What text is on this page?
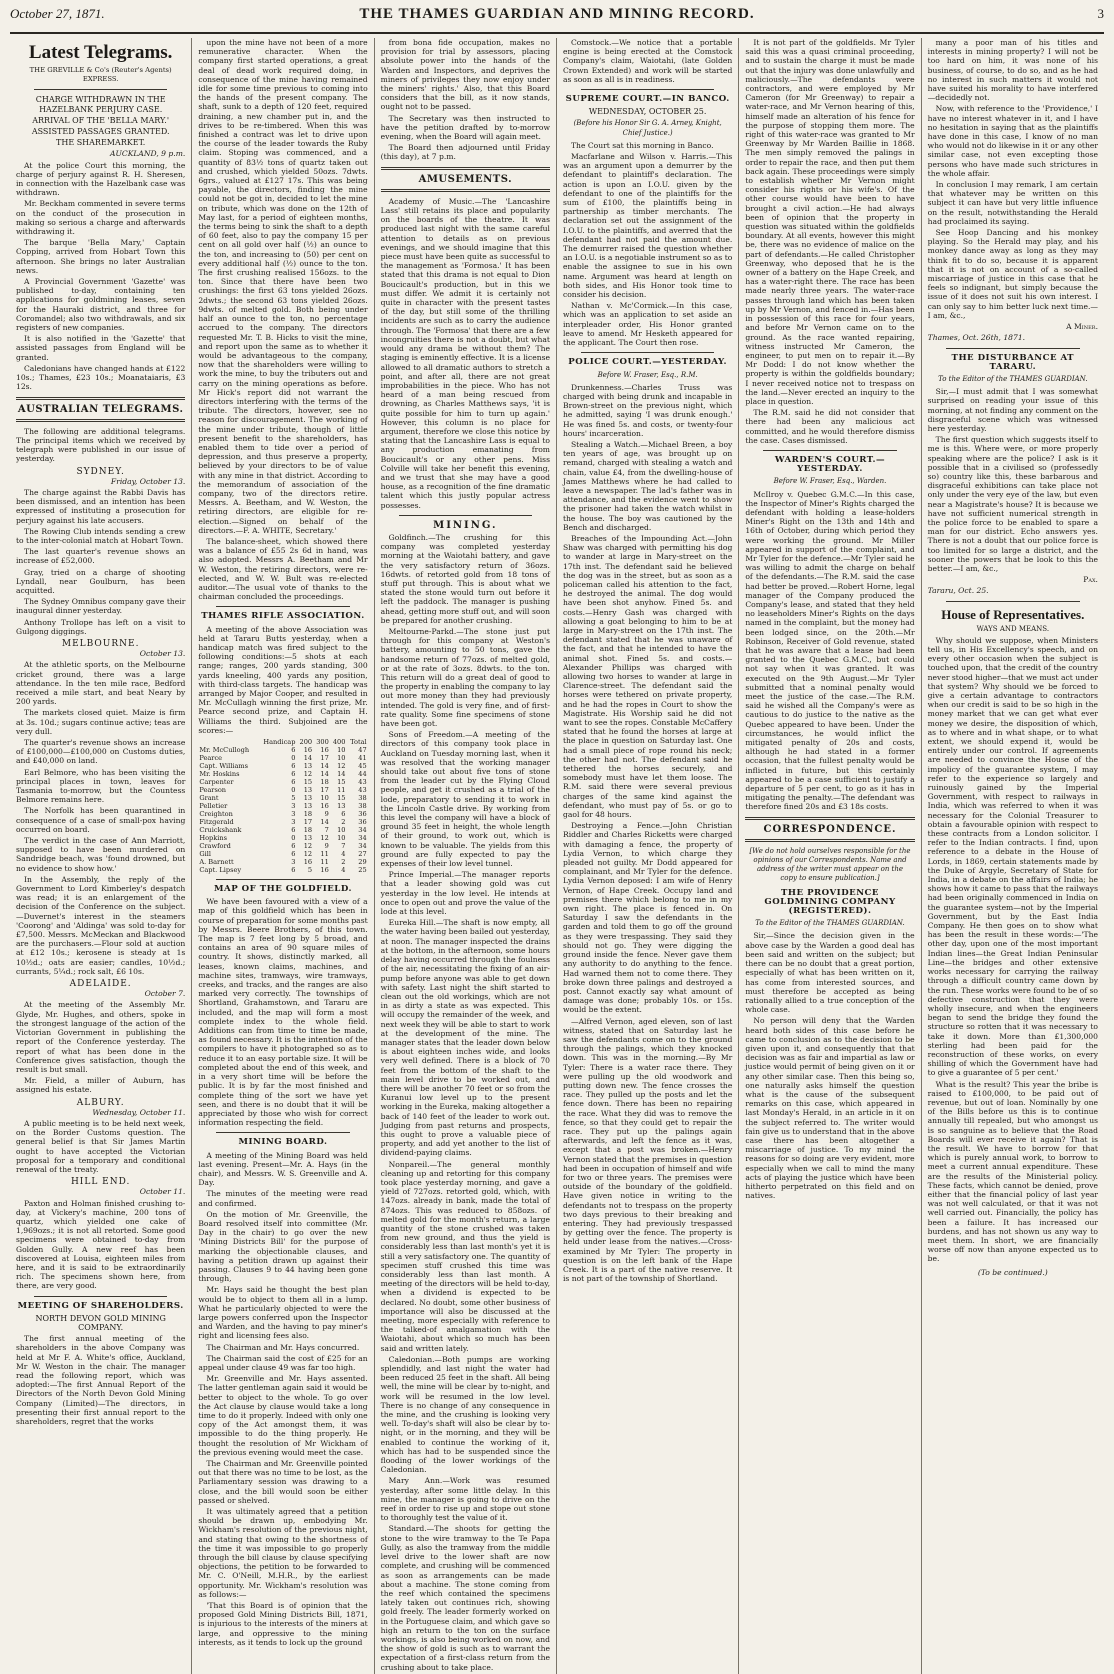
October 27, 1871.	THE THAMES GUARDIAN AND MINING RECORD.	3
Latest Telegrams.
THE GREVILLE & Co's (Reuter's Agents) EXPRESS.
CHARGE WITHDRAWN IN THE HAZELBANK PERJURY CASE.
ARRIVAL OF THE 'BELLA MARY.'
ASSISTED PASSAGES GRANTED.
THE SHAREMARKET.
AUCKLAND, 9 p.m.

At the police Court this morning, the charge of perjury against R. H. Sheresen, in connection with the Hazelbank case was withdrawn.

Mr. Beckham commented in severe terms on the conduct of the prosecution in making so serious a charge and afterwards withdrawing it.

The barque 'Bella Mary,' Captain Copping, arrived from Hobart Town this afternoon. She brings no later Australian news.

A Provincial Government 'Gazette' was published to-day, containing ten applications for goldmining leases, seven for the Hauraki district, and three for Coromandel; also two withdrawals, and six registers of new companies.

It is also notified in the 'Gazette' that assisted passages from England will be granted.

Caledonians have changed hands at £122 10s.; Thames, £23 10s.; Moanataiaris, £3 12s.

AUSTRALIAN TELEGRAMS.

The following are additional telegrams. The principal items which we received by telegraph were published in our issue of yesterday.

SYDNEY.
Friday, October 13.

The charge against the Rabbi Davis has been dismissed, and an intention has been expressed of instituting a prosecution for perjury against his late accusers.

The Rowing Club intends sending a crew to the inter-colonial match at Hobart Town.

The last quarter's revenue shows an increase of £52,000.

Gray, tried on a charge of shooting Lyndall, near Goulburn, has been acquitted.

The Sydney Omnibus company gave their inaugural dinner yesterday.

Anthony Trollope has left on a visit to Gulgong diggings.

MELBOURNE.
October 13.

At the athletic sports, on the Melbourne cricket ground, there was a large attendance. In the ten mile race, Bedford received a mile start, and beat Neary by 200 yards.

The markets closed quiet. Maize is firm at 3s. 10d.; sugars continue active; teas are very dull.

The quarter's revenue shows an increase of £100,000—£100,000 on Customs duties, and £40,000 on land.

Earl Belmore, who has been visiting the principal places in town, leaves for Tasmania to-morrow, but the Countess Belmore remains here.

The Norfolk has been quarantined in consequence of a case of small-pox having occurred on board.

The verdict in the case of Ann Marriott, supposed to have been murdered on Sandridge beach, was 'found drowned, but no evidence to show how.'

In the Assembly, the reply of the Government to Lord Kimberley's despatch was read; it is an enlargement of the decision of the Conference on the subject.—Duvernet's interest in the steamers 'Coorong' and 'Aldinga' was sold to-day for £7,500. Messrs. McMeckan and Blackwood are the purchasers.—Flour sold at auction at £12 10s.; kerosene is steady at 1s 10½d.; oats are easier; candles, 10½d.; currants, 5¼d.; rock salt, £6 10s.

ADELAIDE.
October 7.

At the meeting of the Assembly Mr. Glyde, Mr. Hughes, and others, spoke in the strongest language of the action of the Victorian Government in publishing the report of the Conference yesterday. The report of what has been done in the Conference gives satisfaction, though the result is but small.

Mr. Field, a miller of Auburn, has assigned his estate.

ALBURY.
Wednesday, October 11.

A public meeting is to be held next week, on the Border Customs question. The general belief is that Sir James Martin ought to have accepted the Victorian proposal for a temporary and conditional renewal of the treaty.

HILL END.
October 11.

Paxton and Holman finished crushing to-day, at Vickery's machine, 200 tons of quartz, which yielded one cake of 1,969ozs.; it is not all retorted. Some good specimens were obtained to-day from Golden Gully. A new reef has been discovered at Louisa, eighteen miles from here, and it is said to be extraordinarily rich. The specimens shown here, from there, are very good.

MEETING OF SHAREHOLDERS.
NORTH DEVON GOLD MINING COMPANY.

The first annual meeting of the shareholders in the above Company was held at Mr F. A. White's office, Auckland, Mr W. Weston in the chair. The manager read the following report, which was adopted:—The first Annual Report of the Directors of the North Devon Gold Mining Company (Limited)—The directors, in presenting their first annual report to the shareholders, regret that the works

upon the mine have not been of a more remunerative character. When the company first started operations, a great deal of dead work required doing, in consequence of the mine having remained idle for some time previous to coming into the hands of the present company. The shaft, sunk to a depth of 120 feet, required draining, a new chamber put in, and the drives to be re-timbered. When this was finished a contract was let to drive upon the course of the leader towards the Ruby claim. Stoping was commenced, and a quantity of 83½ tons of quartz taken out and crushed, which yielded 50ozs. 7dwts. 6grs., valued at £127 17s. This was being payable, the directors, finding the mine could not be got in, decided to let the mine on tribute, which was done on the 12th of May last, for a period of eighteen months, the terms being to sink the shaft to a depth of 60 feet, also to pay the company 15 per cent on all gold over half (½) an ounce to the ton, and increasing to (50) per cent on every additional half (½) ounce to the ton. The first crushing realised 156ozs. to the ton. Since that there have been two crushings: the first 63 tons yielded 26ozs. 2dwts.; the second 63 tons yielded 26ozs. 9dwts. of melted gold. Both being under half an ounce to the ton, no percentage accrued to the company. The directors requested Mr. T. B. Hicks to visit the mine, and report upon the same as to whether it would be advantageous to the company, now that the shareholders were willing to work the mine, to buy the tributers out and carry on the mining operations as before. Mr Hick's report did not warrant the directors interfering with the terms of the tribute. The directors, however, see no reason for discouragement. The working of the mine under tribute, though of little present benefit to the shareholders, has enabled them to tide over a period of depression, and thus preserve a property, believed by your directors to be of value with any mine in that district. According to the memorandum of association of the company, two of the directors retire. Messrs. A. Beetham, and W. Weston, the retiring directors, are eligible for re-election.—Signed on behalf of the directors.—F. A. WHITE, Secretary.'

The balance-sheet, which showed there was a balance of £55 2s 6d in hand, was also adopted. Messrs A. Beetham and Mr W. Weston, the retiring directors, were re-elected, and W. W. Bult was re-elected auditor.—The usual vote of thanks to the chairman concluded the proceedings.

THAMES RIFLE ASSOCIATION.

A meeting of the above Association was held at Tararu Butts yesterday, when a handicap match was fired subject to the following conditions:—5 shots at each range; ranges, 200 yards standing, 300 yards kneeling, 400 yards any position, with third-class targets. The handicap was arranged by Major Cooper, and resulted in Mr. McCullagh winning the first prize, Mr. Pearce second prize, and Captain H. Williams the third. Subjoined are the scores:—

	Handicap	200	300	400	Total
Mr. McCullogh	6	16	16	10	47
Pearce	0	14	17	10	41
Capt. Williams	6	13	14	12	45
Mr. Hoskins	6	12	14	14	44
Carpenter	6	15	18	15	43
Pearson	0	13	17	11	43
Grant	5	13	10	15	38
Pelletier	3	13	16	13	38
Creighton	3	18	9	6	36
Fitzgerald	3	17	14	2	36
Cruickshank	6	18	7	10	34
Hopkins	0	13	12	10	34
Crawford	6	12	9	7	34
Gill	6	12	11	4	27
A. Barnett	3	16	11	2	29
Capt. Lipsey	6	5	16	4	25
MAP OF THE GOLDFIELD.

We have been favoured with a view of a map of this goldfield which has been in course of preparation for some months past by Messrs. Beere Brothers, of this town. The map is 7 feet long by 5 broad, and contains an area of 90 square miles of country. It shows, distinctly marked, all leases, known claims, machines, and machine sites, tramways, wire tramways, creeks, and tracks, and the ranges are also marked very correctly. The townships of Shortland, Grahamstown, and Tararu are included, and the map will form a most complete index to the whole field. Additions can from time to time be made, as found necessary. It is the intention of the compilers to have it photographed so as to reduce it to an easy portable size. It will be completed about the end of this week, and in a very short time will be before the public. It is by far the most finished and complete thing of the sort we have yet seen, and there is no doubt that it will be appreciated by those who wish for correct information respecting the field.

MINING BOARD.

A meeting of the Mining Board was held last evening. Present—Mr. A. Hays (in the chair), and Messrs. W. S. Greenville and A. Day.

The minutes of the meeting were read and confirmed.

On the motion of Mr. Greenville, the Board resolved itself into committee (Mr. Day in the chair) to go over the new 'Mining Districts Bill' for the purpose of marking the objectionable clauses, and having a petition drawn up against their passing. Clauses 9 to 44 having been gone through,

Mr. Hays said he thought the best plan would be to object to them all in a lump. What he particularly objected to were the large powers conferred upon the Inspector and Warden, and the having to pay miner's right and licensing fees also.

The Chairman and Mr. Hays concurred.

The Chairman said the cost of £25 for an appeal under clause 49 was far too high.

Mr. Greenville and Mr. Hays assented. The latter gentleman again said it would be better to object to the whole. To go over the Act clause by clause would take a long time to do it properly. Indeed with only one copy of the Act amongst them, it was impossible to do the thing properly. He thought the resolution of Mr Wickham of the previous evening would meet the case.

The Chairman and Mr. Greenville pointed out that there was no time to be lost, as the Parliamentary session was drawing to a close, and the bill would soon be either passed or shelved.

It was ultimately agreed that a petition should be drawn up, embodying Mr. Wickham's resolution of the previous night, and stating that owing to the shortness of the time it was impossible to go properly through the bill clause by clause specifying objections, the petition to be forwarded to Mr. C. O'Neill, M.H.R., by the earliest opportunity. Mr. Wickham's resolution was as follows:—

'That this Board is of opinion that the proposed Gold Mining Districts Bill, 1871, is injurious to the interests of the miners at large, and oppressive to the mining interests, as it tends to lock up the ground

from bona fide occupation, makes no provision for trial by assessors, placing absolute power into the hands of the Warden and Inspectors, and deprives the miners of privileges they now enjoy under the miners' rights.' Also, that this Board considers that the bill, as it now stands, ought not to be passed.

The Secretary was then instructed to have the petition drafted by to-morrow evening, when the Board will again meet.

The Board then adjourned until Friday (this day), at 7 p.m.

AMUSEMENTS.

Academy of Music.—The 'Lancashire Lass' still retains its place and popularity on the boards of the theatre. It was produced last night with the same careful attention to details as on previous evenings, and we should imagine that this piece must have been quite as successful to the management as 'Formosa.' It has been stated that this drama is not equal to Dion Boucicault's production, but in this we must differ. We admit it is certainly not quite in character with the present tastes of the day, but still some of the thrilling incidents are such as to carry the audience through. The 'Formosa' that there are a few incongruities there is not a doubt, but what would any drama be without them? The staging is eminently effective. It is a license allowed to all dramatic authors to stretch a point, and after all, there are not great improbabilities in the piece. Who has not heard of a man being rescued from drowning, as Charles Matthews says, 'it is quite possible for him to turn up again.' However, this column is no place for argument, therefore we close this notice by stating that the Lancashire Lass is equal to any production emanating from Boucicault's or any other pens. Miss Colville will take her benefit this evening, and we trust that she may have a good house, as a recognition of the fine dramatic talent which this justly popular actress possesses.

MINING.

Goldfinch.—The crushing for this company was completed yesterday morning at the Waiotahi battery, and gave the very satisfactory return of 36ozs. 16dwts. of retorted gold from 18 tons of stuff put through. This is about what we stated the stone would turn out before it left the paddock. The manager is pushing ahead, getting more stuff out, and will soon be prepared for another crushing.

Meltourne-Parkd.—The stone just put through for this company at Weston's battery, amounting to 50 tons, gave the handsome return of 77ozs. of melted gold, or at the rate of 3ozs. 8dwts. to the ton. This return will do a great deal of good to the property in enabling the company to lay out more money than they had previously intended. The gold is very fine, and of first-rate quality. Some fine specimens of stone have been got.

Sons of Freedom.—A meeting of the directors of this company took place in Auckland on Tuesday morning last, when it was resolved that the working manager should take out about five tons of stone from the leader cut by the Flying Cloud people, and get it crushed as a trial of the lode, preparatory to sending it to work in the Lincoln Castle drive. By working from this level the company will have a block of ground 35 feet in height, the whole length of their ground, to work out, which is known to be valuable. The yields from this ground are fully expected to pay the expenses of their low level tunnel.

Prince Imperial.—The manager reports that a leader showing gold was cut yesterday in the low level. He intends at once to open out and prove the value of the lode at this level.

Eureka Hill.—The shaft is now empty, all the water having been bailed out yesterday, at noon. The manager inspected the drains at the bottom, in the afternoon, some hours delay having occurred through the foulness of the air, necessitating the fixing of an air-pump before anyone was able to get down with safety. Last night the shift started to clean out the old workings, which are not in as dirty a state as was expected. This will occupy the remainder of the week, and next week they will be able to start to work at the development of the mine. The manager states that the leader down below is about eighteen inches wide, and looks very well defined. There is a block of 70 feet from the bottom of the shaft to the main level drive to be worked out, and there will be another 70 feet or so from the Kuranui low level up to the present working in the Eureka, making altogether a back of 140 feet of the leader to work out. Judging from past returns and prospects, this ought to prove a valuable piece of property, and add yet another to the list of dividend-paying claims.

Nonpareil.—The general monthly cleaning up and retorting for this company took place yesterday morning, and gave a yield of 727ozs. retorted gold, which, with 147ozs. already in bank, made the total of 874ozs. This was reduced to 858ozs. of melted gold for the month's return, a large quantity of the stone crushed was taken from new ground, and thus the yield is considerably less than last month's yet it is still a very satisfactory one. The quantity of specimen stuff crushed this time was considerably less than last month. A meeting of the directors will be held to-day, when a dividend is expected to be declared. No doubt, some other business of importance will also be discussed at the meeting, more especially with reference to the talked-of amalgamation with the Waiotahi, about which so much has been said and written lately.

Caledonian.—Both pumps are working splendidly, and last night the water had been reduced 25 feet in the shaft. All being well, the mine will be clear by to-night, and work will be resumed in the low level. There is no change of any consequence in the mine, and the crushing is looking very well. To-day's shaft will also be clear by to-night, or in the morning, and they will be enabled to continue the working of it, which has had to be suspended since the flooding of the lower workings of the Caledonian.

Mary Ann.—Work was resumed yesterday, after some little delay. In this mine, the manager is going to drive on the reef in order to rise up and stope out stone to thoroughly test the value of it.

Standard.—The shoots for getting the stone to the wire tramway to the Te Papa Gully, as also the tramway from the middle level drive to the lower shaft are now complete, and crushing will be commenced as soon as arrangements can be made about a machine. The stone coming from the reef which contained the specimens lately taken out continues rich, showing gold freely. The leader formerly worked on in the Portuguese claim, and which gave so high an return to the ton on the surface workings, is also being worked on now, and the show of gold is such as to warrant the expectation of a first-class return from the crushing about to take place.

Comstock.—We notice that a portable engine is being erected at the Comstock Company's claim, Waiotahi, (late Golden Crown Extended) and work will be started as soon as all is in readiness.

SUPREME COURT.—IN BANCO.
WEDNESDAY, OCTOBER 25.
(Before his Honor Sir G. A. Arney, Knight, Chief Justice.)

The Court sat this morning in Banco.

Macfarlane and Wilson v. Harris.—This was an argument upon a demurrer by the defendant to plaintiff's declaration. The action is upon an I.O.U. given by the defendant to one of the plaintiffs for the sum of £100, the plaintiffs being in partnership as timber merchants. The declaration set out the assignment of the I.O.U. to the plaintiffs, and averred that the defendant had not paid the amount due. The demurrer raised the question whether an I.O.U. is a negotiable instrument so as to enable the assignee to sue in his own name. Argument was heard at length on both sides, and His Honor took time to consider his decision.

Nathan v. Mc'Cormick.—In this case, which was an application to set aside an interpleader order, His Honor granted leave to amend. Mr Hesketh appeared for the applicant. The Court then rose.

POLICE COURT.—YESTERDAY.
Before W. Fraser, Esq., R.M.

Drunkenness.—Charles Truss was charged with being drunk and incapable in Brown-street on the previous night, which he admitted, saying 'I was drunk enough.' He was fined 5s. and costs, or twenty-four hours' incarceration.

Stealing a Watch.—Michael Breen, a boy ten years of age, was brought up on remand, charged with stealing a watch and chain, value £4, from the dwelling-house of James Matthews where he had called to leave a newspaper. The lad's father was in attendance, and the evidence went to show the prisoner had taken the watch whilst in the house. The boy was cautioned by the Bench and discharged.

Breaches of the Impounding Act.—John Shaw was charged with permitting his dog to wander at large in Mary-street on the 17th inst. The defendant said he believed the dog was in the street, but as soon as a policeman called his attention to the fact, he destroyed the animal. The dog would have been shot anyhow. Fined 5s. and costs.—Henry Gash was charged with allowing a goat belonging to him to be at large in Mary-street on the 17th inst. The defendant stated that he was unaware of the fact, and that he intended to have the animal shot. Fined 5s. and costs.—Alexander Phillips was charged with allowing two horses to wander at large in Clarence-street. The defendant said the horses were tethered on private property, and he had the ropes in Court to show the Magistrate. His Worship said he did not want to see the ropes. Constable McCaffery stated that he found the horses at large at the place in question on Saturday last. One had a small piece of rope round his neck; the other had not. The defendant said he tethered the horses securely, and somebody must have let them loose. The R.M. said there were several previous charges of the same kind against the defendant, who must pay of 5s. or go to gaol for 48 hours.

Destroying a Fence.—John Christian Riddler and Charles Ricketts were charged with damaging a fence, the property of Lydia Vernon, to which charge they pleaded not guilty. Mr Dodd appeared for complainant, and Mr Tyler for the defence. Lydia Vernon deposed: I am wife of Henry Vernon, of Hape Creek. Occupy land and premises there which belong to me in my own right. The place is fenced in. On Saturday I saw the defendants in the garden and told them to go off the ground as they were trespassing. They said they should not go. They were digging the ground inside the fence. Never gave them any authority to do anything to the fence. Had warned them not to come there. They broke down three palings and destroyed a post. Cannot exactly say what amount of damage was done; probably 10s. or 15s. would be the extent.

—Alfred Vernon, aged eleven, son of last witness, stated that on Saturday last he saw the defendants come on to the ground through the palings, which they knocked down. This was in the morning.—By Mr Tyler: There is a water race there. They were pulling up the old woodwork and putting down new. The fence crosses the race. They pulled up the posts and let the fence down. There has been no repairing the race. What they did was to remove the fence, so that they could get to repair the race. They put up the palings again afterwards, and left the fence as it was, except that a post was broken.—Henry Vernon stated that the premises in question had been in occupation of himself and wife for two or three years. The premises were outside of the boundary of the goldfield. Have given notice in writing to the defendants not to trespass on the property two days previous to their breaking and entering. They had previously trespassed by getting over the fence. The property is held under lease from the natives.—Cross-examined by Mr Tyler: The property in question is on the left bank of the Hape Creek. It is a part of the native reserve. It is not part of the township of Shortland.

It is not part of the goldfields. Mr Tyler said this was a quasi criminal proceeding, and to sustain the charge it must be made out that the injury was done unlawfully and maliciously.—The defendants were contractors, and were employed by Mr Cameron (for Mr Greenway) to repair a water-race, and Mr Vernon hearing of this, himself made an alteration of his fence for the purpose of stopping them more. The right of this water-race was granted to Mr Greenway by Mr Warden Baillie in 1868. The men simply removed the palings in order to repair the race, and then put them back again. These proceedings were simply to establish whether Mr Vernon might consider his rights or his wife's. Of the other course would have been to have brought a civil action.—He had always been of opinion that the property in question was situated within the goldfields boundary. At all events, however this might be, there was no evidence of malice on the part of defendants.—He called Christopher Greenway, who deposed that he is the owner of a battery on the Hape Creek, and has a water-right there. The race has been made nearly three years. The water-race passes through land which has been taken up by Mr Vernon, and fenced in.—Has been in possession of this race for four years, and before Mr Vernon came on to the ground. As the race wanted repairing, witness instructed Mr Cameron, the engineer, to put men on to repair it.—By Mr Dodd: I do not know whether the property is within the goldfields boundary; I never received notice not to trespass on the land.—Never erected an inquiry to the place in question.

The R.M. said he did not consider that there had been any malicious act committed, and he would therefore dismiss the case. Cases dismissed.

WARDEN'S COURT.—YESTERDAY.
Before W. Fraser, Esq., Warden.

McIlroy v. Quebec G.M.C.—In this case, the Inspector of Miner's Rights charged the defendant with holding a lease-holders Miner's Right on the 13th and 14th and 16th of October, during which period they were working the ground. Mr Miller appeared in support of the complaint, and Mr Tyler for the defence.—Mr Tyler said he was willing to admit the charge on behalf of the defendants.—The R.M. said the case had better be proved.—Robert Horne, legal manager of the Company produced the Company's lease, and stated that they held no leaseholders Miner's Rights on the days named in the complaint, but the money had been lodged since, on the 20th.—Mr Robinson, Receiver of Gold revenue, stated that he was aware that a lease had been granted to the Quebec G.M.C., but could not say when it was granted. It was executed on the 9th August.—Mr Tyler submitted that a nominal penalty would meet the justice of the case.—The R.M. said he wished all the Company's were as cautious to do justice to the native as the Quebec appeared to have been. Under the circumstances, he would inflict the mitigated penalty of 20s and costs, although he had stated in a former occasion, that the fullest penalty would be inflicted in future, but this certainly appeared to be a case sufficient to justify a departure of 5 per cent, to go as it has in mitigating the penalty.—The defendant was therefore fined 20s and £3 18s costs.

CORRESPONDENCE.
[We do not hold ourselves responsible for the opinions of our Correspondents. Name and address of the writer must appear on the copy to ensure publication.]
THE PROVIDENCE GOLDMINING COMPANY (REGISTERED).
To the Editor of the THAMES GUARDIAN.

Sir,—Since the decision given in the above case by the Warden a good deal has been said and written on the subject; but there can be no doubt that a great portion, especially of what has been written on it, has come from interested sources, and must therefore be accepted as being rationally allied to a true conception of the whole case.

No person will deny that the Warden heard both sides of this case before he came to conclusion as to the decision to be given upon it, and consequently that that decision was as fair and impartial as law or justice would permit of being given on it or any other similar case. Then this being so, one naturally asks himself the question what is the cause of the subsequent remarks on this case, which appeared in last Monday's Herald, in an article in it on the subject referred to. The writer would fain give us to understand that in the above case there has been altogether a miscarriage of justice. To my mind the reasons for so doing are very evident, more especially when we call to mind the many acts of playing the justice which have been hitherto perpetrated on this field and on natives.

many a poor man of his titles and interests in mining property? I will not be too hard on him, it was none of his business, of course, to do so, and as he had no interest in such matters it would not have suited his morality to have interfered—decidedly not.

Now, with reference to the 'Providence,' I have no interest whatever in it, and I have no hesitation in saying that as the plaintiffs have done in this case, I know of no man who would not do likewise in it or any other similar case, not even excepting those persons who have made such strictures in the whole affair.

In conclusion I may remark, I am certain that whatever may be written on this subject it can have but very little influence on the result, notwithstanding the Herald had proclaimed its saying.

See Hoop Dancing and his monkey playing. So the Herald may play, and his monkey dance away as long as they may think fit to do so, because it is apparent that it is not on account of a so-called miscarriage of justice in this case that he feels so indignant, but simply because the issue of it does not suit his own interest. I can only say to him better luck next time.—I am, &c.,

A Miner.
Thames, Oct. 26th, 1871.
THE DISTURBANCE AT TARARU.
To the Editor of the THAMES GUARDIAN.

Sir,—I must admit that I was somewhat surprised on reading your issue of this morning, at not finding any comment on the disgraceful scene which was witnessed here yesterday.

The first question which suggests itself to me is this. Where were, or more properly speaking where are the police? I ask is it possible that in a civilised so (professedly so) country like this, these barbarous and disgraceful exhibitions can take place not only under the very eye of the law, but even near a Magistrate's house? It is because we have not sufficient numerical strength in the police force to be enabled to spare a man for our district. Echo answers yes. There is not a doubt that our police force is too limited for so large a district, and the sooner the powers that be look to this the better.—I am, &c.,

Pax.
Tararu, Oct. 25.
House of Representatives.
WAYS AND MEANS.

Why should we suppose, when Ministers tell us, in His Excellency's speech, and on every other occasion when the subject is touched upon, that the credit of the country never stood higher—that we must act under that system? Why should we be forced to give a certain advantage to contractors when our credit is said to be so high in the money market that we can get what ever money we desire, the disposition of which, as to where and in what shape, or to what extent, we should expend it, would be entirely under our control. If agreements are needed to convince the House of the impolicy of the guarantee system, I may refer to the experience so largely and ruinously gained by the Imperial Government, with respect to railways in India, which was referred to when it was necessary for the Colonial Treasurer to obtain a favourable opinion with respect to these contracts from a London solicitor. I refer to the Indian contracts. I find, upon reference to a debate in the House of Lords, in 1869, certain statements made by the Duke of Argyle, Secretary of State for India, in a debate on the affairs of India; he shows how it came to pass that the railways had been originally commenced in India on the guarantee system—not by the Imperial Government, but by the East India Company. He then goes on to show what has been the result in these words:—'The other day, upon one of the most important Indian lines—the Great Indian Peninsular Line—the bridges and other extensive works necessary for carrying the railway through a difficult country came down by the run. These works were found to be of so defective construction that they were wholly insecure, and when the engineers began to send the bridge they found the structure so rotten that it was necessary to take it down. More than £1,300,000 sterling had been paid for the reconstruction of these works, on every shilling of which the Government have had to give a guarantee of 5 per cent.'

What is the result? This year the bribe is raised to £100,000, to be paid out of revenue, but out of loan. Nominally by one of the Bills before us this is to continue annually till repealed, but who amongst us is so sanguine as to believe that the Road Boards will ever receive it again? That is the result. We have to borrow for that which is purely annual work, to borrow to meet a current annual expenditure. These are the results of the Ministerial policy. These facts, which cannot be denied, prove either that the financial policy of last year was not well calculated, or that it was not well carried out. Financially, the policy has been a failure. It has increased our burdens, and has not shown us any way to meet them. In short, we are financially worse off now than anyone expected us to be.

(To be continued.)
